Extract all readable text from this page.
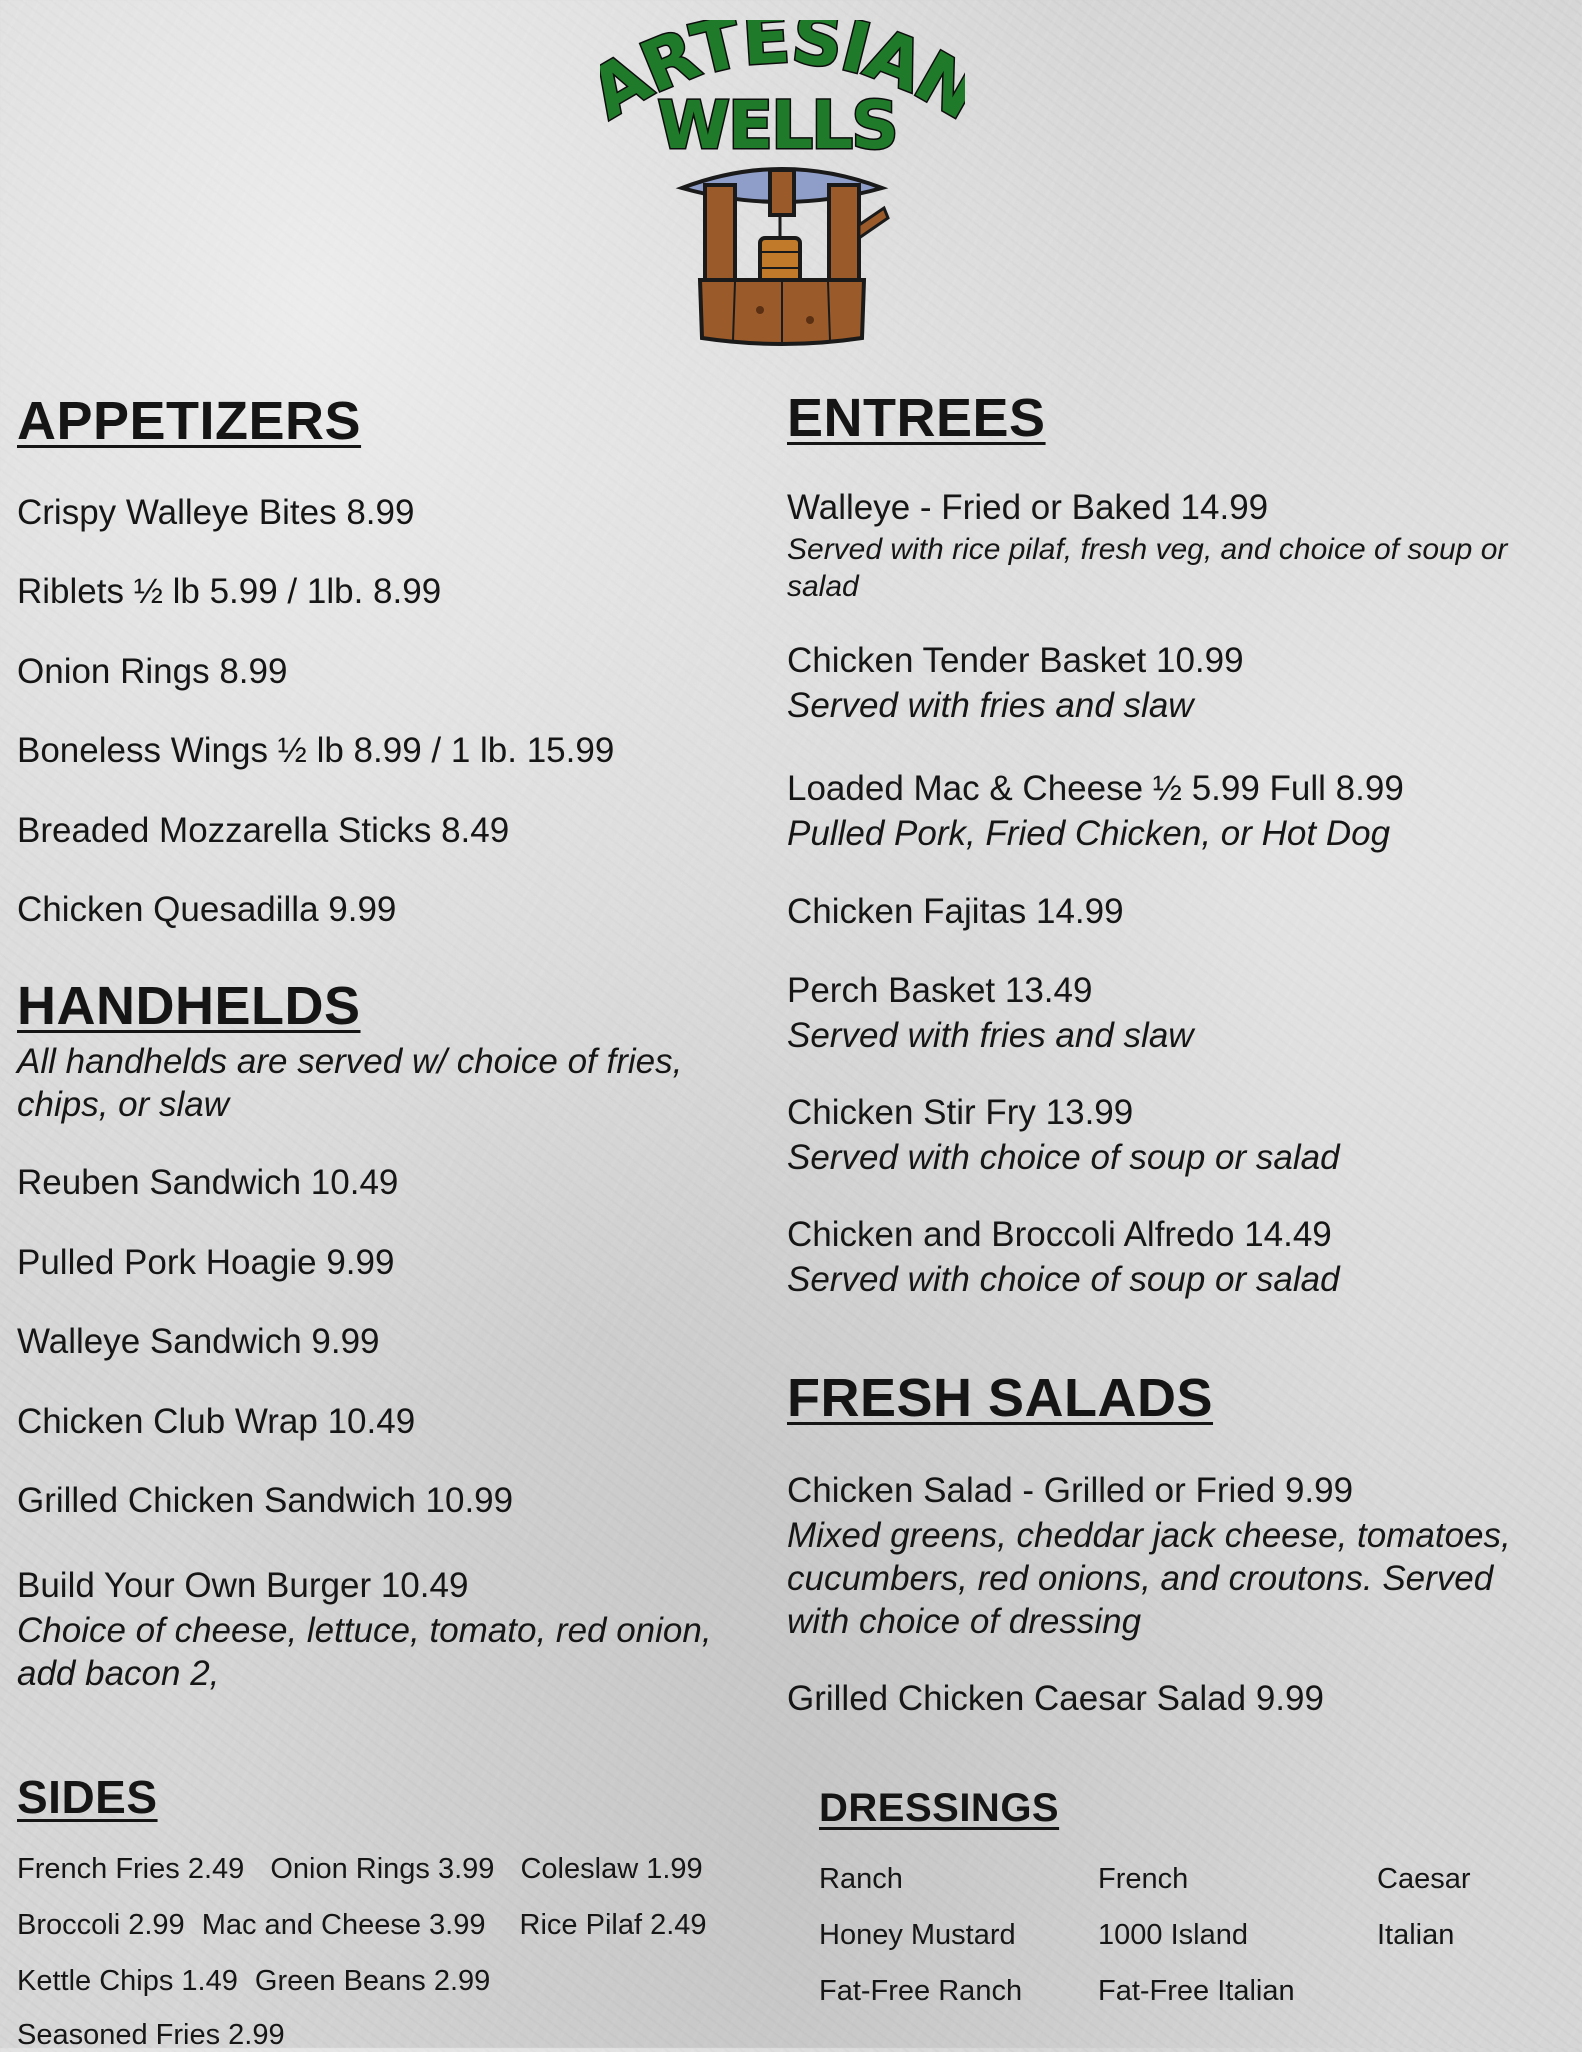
RTESIA
WELLS
APPETIZERS
Crispy Walleye Bites 8.99
Riblets ½ lb 5.99 / 1lb. 8.99
Onion Rings 8.99
Boneless Wings ½ lb 8.99 / 1 lb. 15.99
Breaded Mozzarella Sticks 8.49
Chicken Quesadilla 9.99
HANDHELDS
All handhelds are served w/ choice of fries,
chips, or slaw
Reuben Sandwich 10.49
Pulled Pork Hoagie 9.99
Walleye Sandwich 9.99
Chicken Club Wrap 10.49
Grilled Chicken Sandwich 10.99
Build Your Own Burger 10.49
Choice of cheese, lettuce, tomato, red onion,
add bacon 2,
SIDES
French Fries 2.49 Onion Rings 3.99 Coleslaw 1.99
Broccoli 2.99 Mac and Cheese 3.99 Rice Pilaf 2.49
Kettle Chips 1.49 Green Beans 2.99
Seasoned Fries 2.99
ENTREES
Walleye - Fried or Baked 14.99
Served with rice pilaf, fresh veg, and choice of soup or
salad
Chicken Tender Basket 10.99
Served with fries and slaw
Loaded Mac & Cheese ½ 5.99 Full 8.99
Pulled Pork, Fried Chicken, or Hot Dog
Chicken Fajitas 14.99
Perch Basket 13.49
Served with fries and slaw
Chicken Stir Fry 13.99
Served with choice of soup or salad
Chicken and Broccoli Alfredo 14.49
Served with choice of soup or salad
FRESH SALADS
Chicken Salad - Grilled or Fried 9.99
Mixed greens, cheddar jack cheese, tomatoes,
cucumbers, red onions, and croutons. Served
with choice of dressing
Grilled Chicken Caesar Salad 9.99
DRESSINGS
Ranch
Honey Mustard
Fat-Free Ranch
French
1000 Island
Fat-Free Italian
Caesar
Italian
